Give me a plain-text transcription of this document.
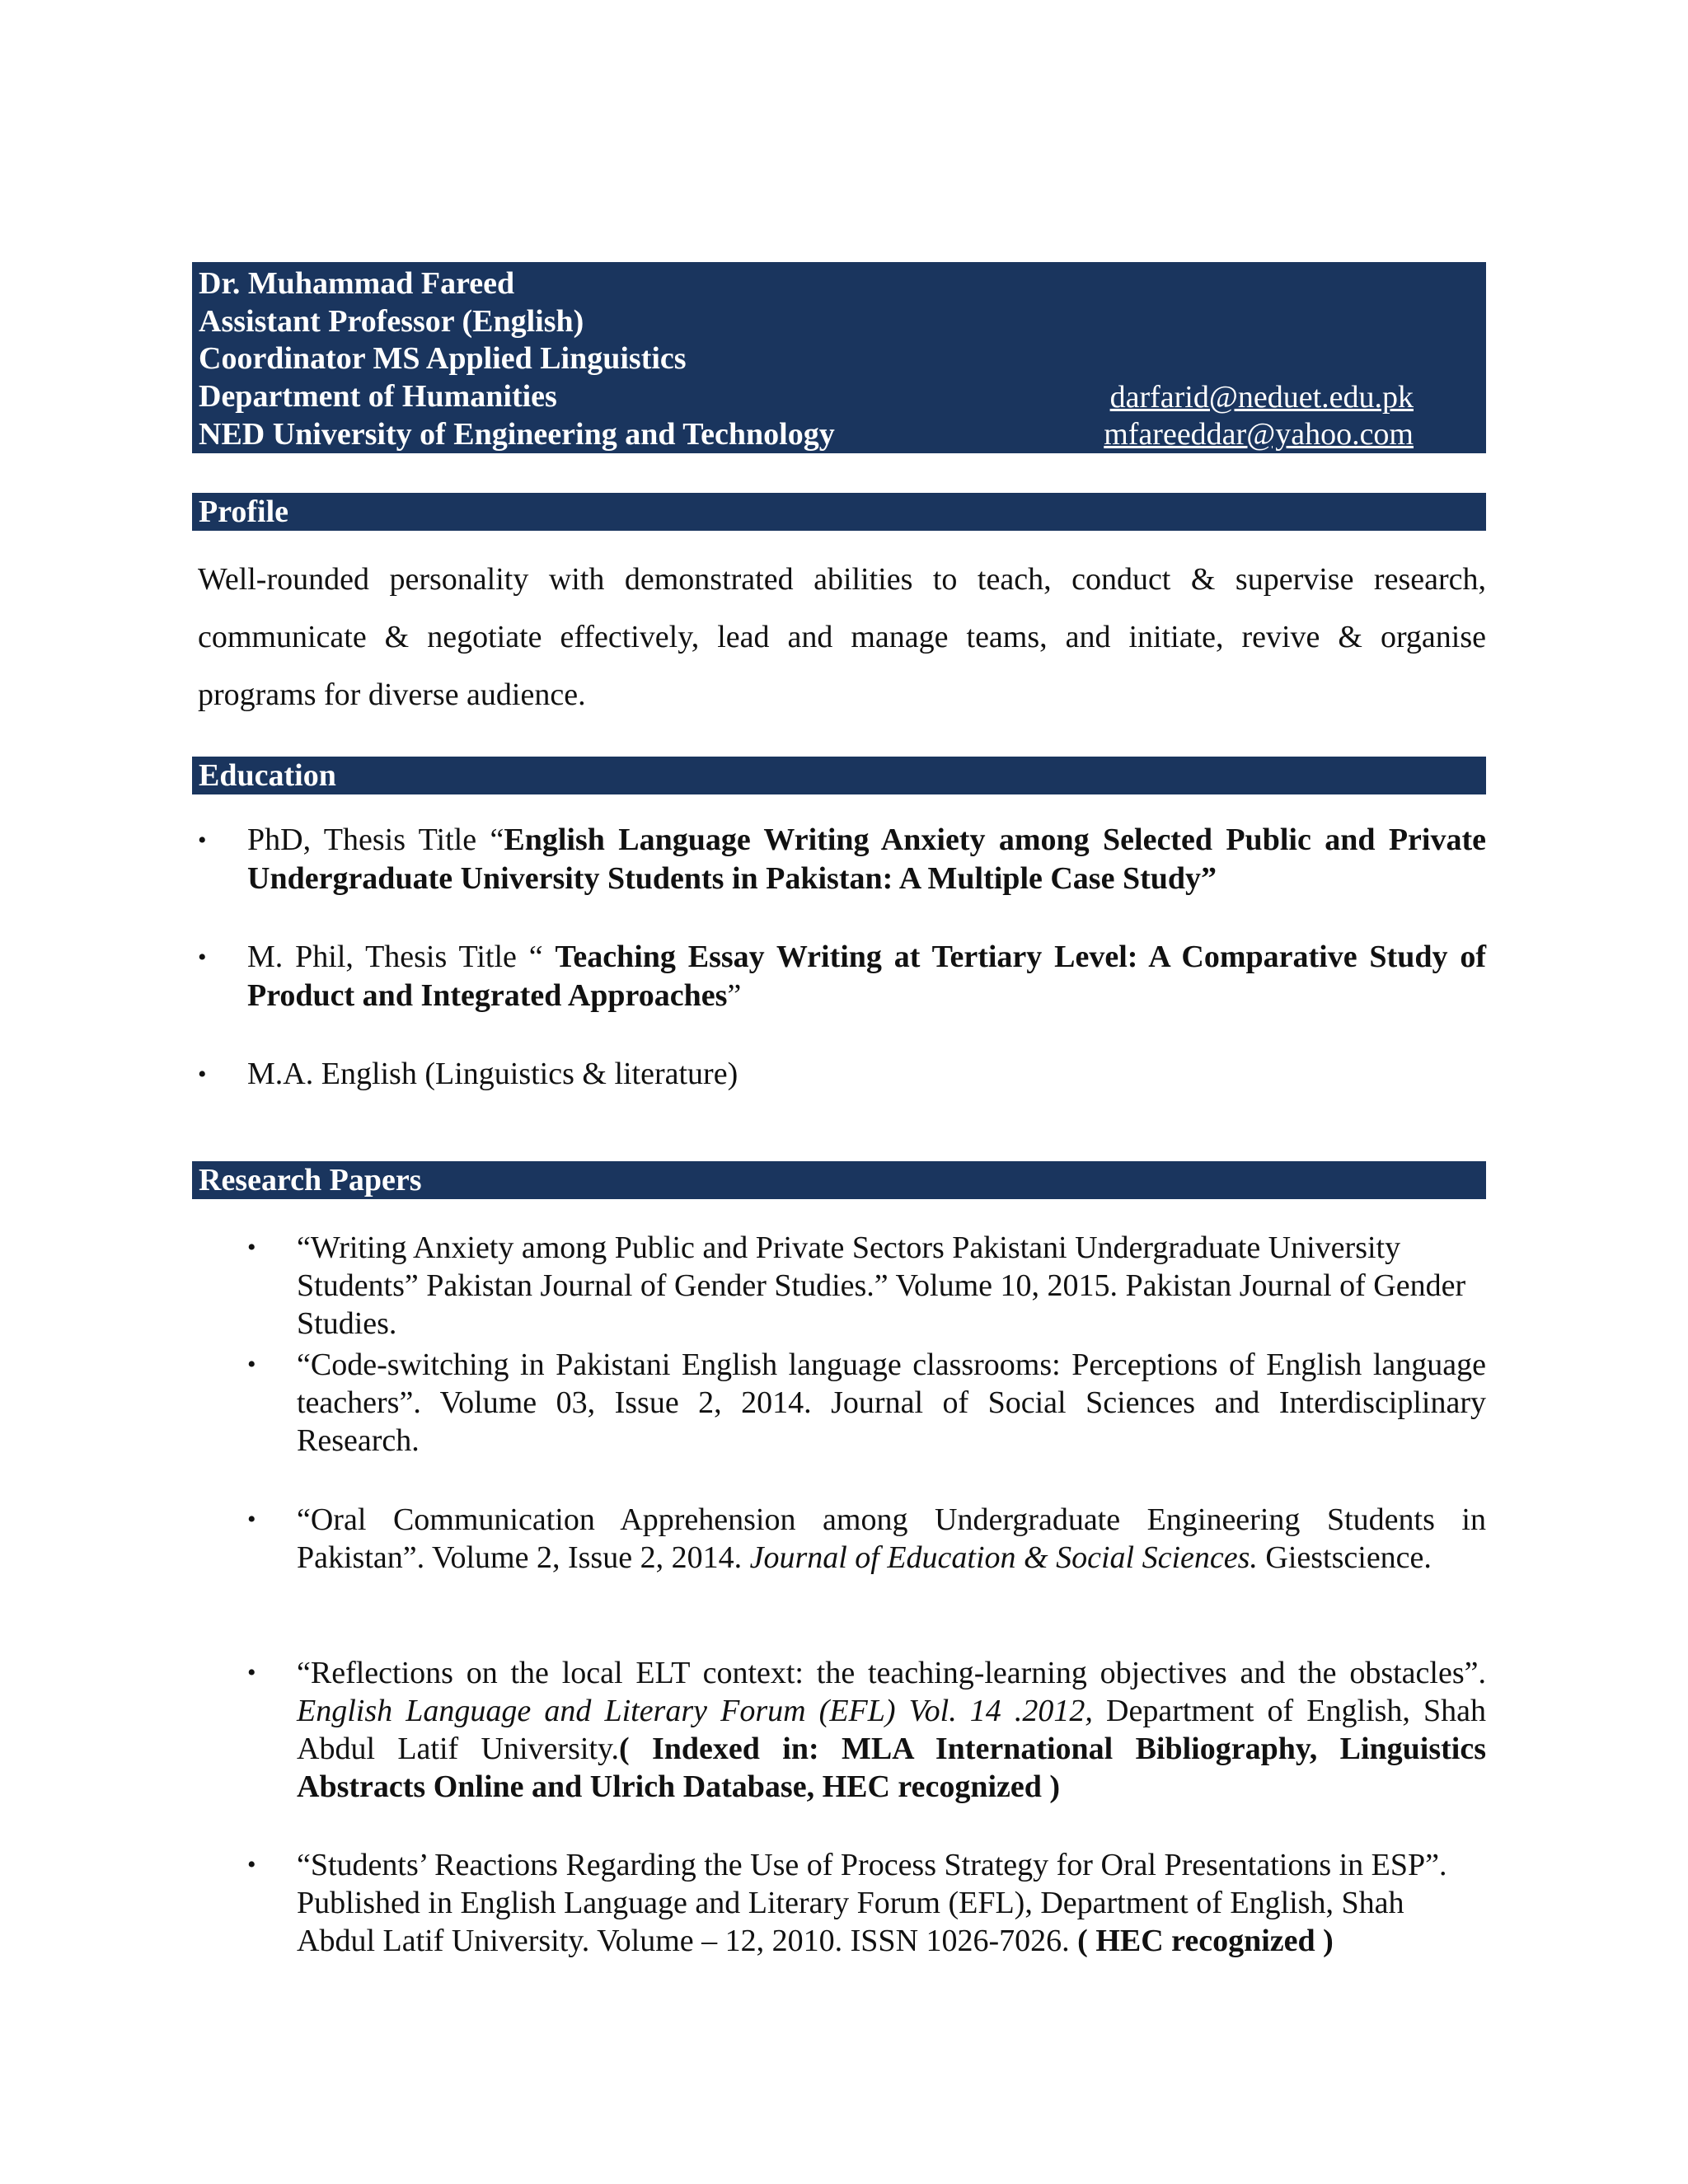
Dr. Muhammad Fareed
Assistant Professor (English)
Coordinator MS Applied Linguistics
Department of Humanities	darfarid@neduet.edu.pk
NED University of Engineering and Technology	mfareeddar@yahoo.com
Profile

Well-rounded personality with demonstrated abilities to teach, conduct & supervise research, communicate & negotiate effectively, lead and manage teams, and initiate, revive & organise programs for diverse audience.

Education
•	PhD, Thesis Title “English Language Writing Anxiety among Selected Public and Private Undergraduate University Students in Pakistan: A Multiple Case Study”
•	M. Phil, Thesis Title “ Teaching Essay Writing at Tertiary Level: A Comparative Study of Product and Integrated Approaches”
•	M.A. English (Linguistics & literature)
Research Papers
•	“Writing Anxiety among Public and Private Sectors Pakistani Undergraduate University Students” Pakistan Journal of Gender Studies.” Volume 10, 2015. Pakistan Journal of Gender Studies.
•	“Code-switching in Pakistani English language classrooms: Perceptions of English language teachers”. Volume 03, Issue 2, 2014. Journal of Social Sciences and Interdisciplinary Research.
•	“Oral Communication Apprehension among Undergraduate Engineering Students in Pakistan”. Volume 2, Issue 2, 2014. Journal of Education & Social Sciences. Giestscience.
•	“Reflections on the local ELT context: the teaching-learning objectives and the obstacles”. English Language and Literary Forum (EFL) Vol. 14 .2012, Department of English, Shah Abdul Latif University.( Indexed in: MLA International Bibliography, Linguistics Abstracts Online and Ulrich Database, HEC recognized )
•	“Students’ Reactions Regarding the Use of Process Strategy for Oral Presentations in ESP”. Published in English Language and Literary Forum (EFL), Department of English, Shah Abdul Latif University. Volume – 12, 2010. ISSN 1026-7026. ( HEC recognized )
